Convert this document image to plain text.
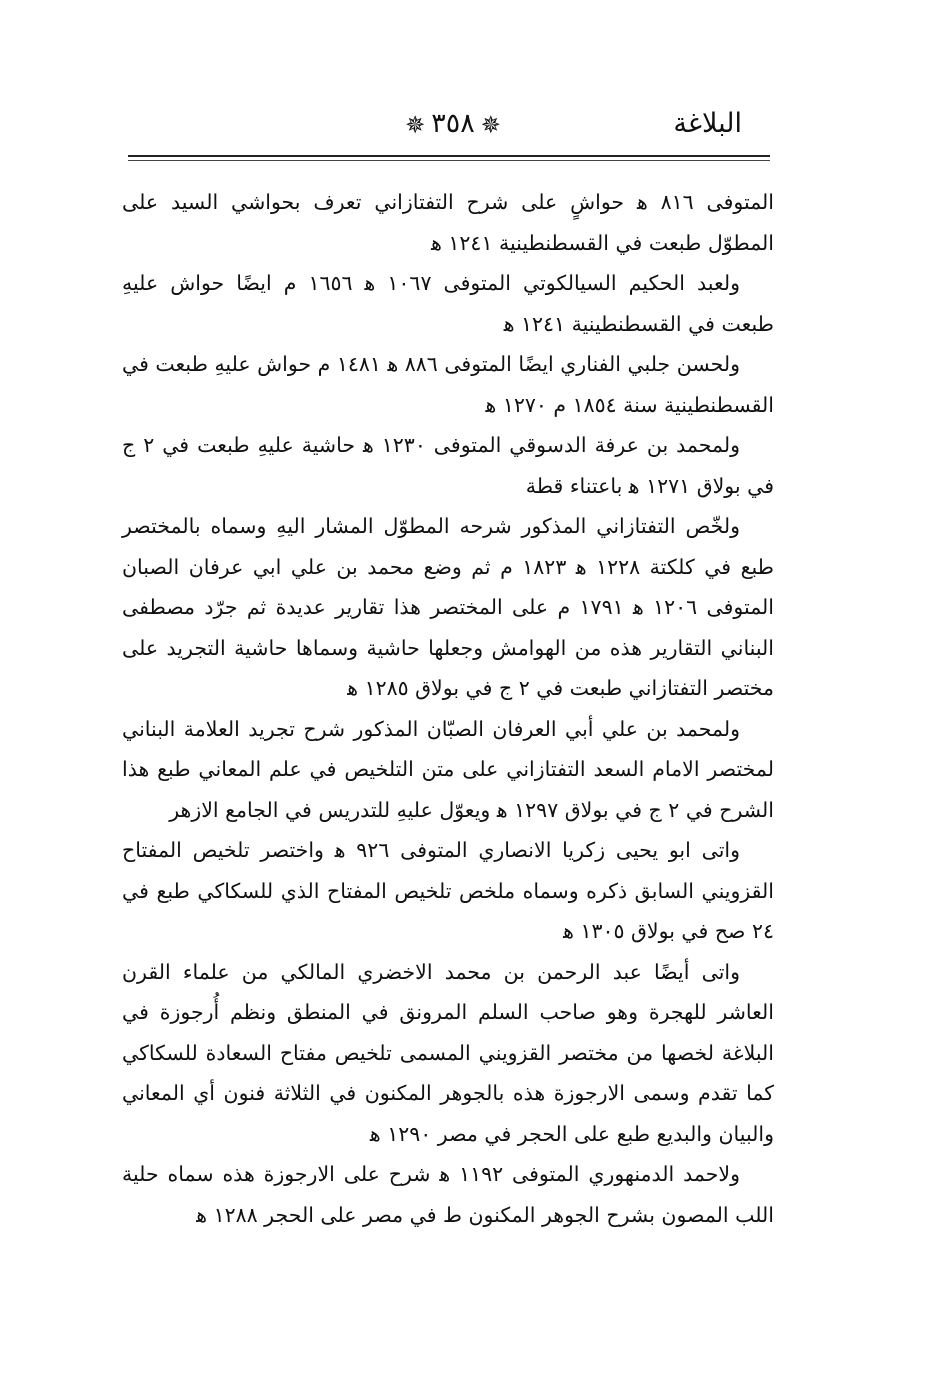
البلاغة
✵٣٥٨✵

المتوفى ٨١٦ ﻫ حواشٍ على شرح التفتازاني تعرف بحواشي السيد على المطوّل طبعت في القسطنطينية ١٢٤١ ﻫ

ولعبد الحكيم السيالكوتي المتوفى ١٠٦٧ ﻫ ١٦٥٦ م ايضًا حواش عليهِ طبعت في القسطنطينية ١٢٤١ ﻫ

ولحسن جلبي الفناري ايضًا المتوفى ٨٨٦ ﻫ ١٤٨١ م حواش عليهِ طبعت في القسطنطينية سنة ١٨٥٤ م ١٢٧٠ ﻫ

ولمحمد بن عرفة الدسوقي المتوفى ١٢٣٠ ﻫ حاشية عليهِ طبعت في ٢ ج في بولاق ١٢٧١ ﻫ باعتناء قطة

ولخّص التفتازاني المذكور شرحه المطوّل المشار اليهِ وسماه بالمختصر طبع في كلكتة ١٢٢٨ ﻫ ١٨٢٣ م ثم وضع محمد بن علي ابي عرفان الصبان المتوفى ١٢٠٦ ﻫ ١٧٩١ م على المختصر هذا تقارير عديدة ثم جرّد مصطفى البناني التقارير هذه من الهوامش وجعلها حاشية وسماها حاشية التجريد على مختصر التفتازاني طبعت في ٢ ج في بولاق ١٢٨٥ ﻫ

ولمحمد بن علي أبي العرفان الصبّان المذكور شرح تجريد العلامة البناني لمختصر الامام السعد التفتازاني على متن التلخيص في علم المعاني طبع هذا الشرح في ٢ ج في بولاق ١٢٩٧ ﻫ ويعوّل عليهِ للتدريس في الجامع الازهر

واتى ابو يحيى زكريا الانصاري المتوفى ٩٢٦ ﻫ واختصر تلخيص المفتاح القزويني السابق ذكره وسماه ملخص تلخيص المفتاح الذي للسكاكي طبع في ٢٤ صح في بولاق ١٣٠٥ ﻫ

واتى أيضًا عبد الرحمن بن محمد الاخضري المالكي من علماء القرن العاشر للهجرة وهو صاحب السلم المرونق في المنطق ونظم أُرجوزة في البلاغة لخصها من مختصر القزويني المسمى تلخيص مفتاح السعادة للسكاكي كما تقدم وسمى الارجوزة هذه بالجوهر المكنون في الثلاثة فنون أي المعاني والبيان والبديع طبع على الحجر في مصر ١٢٩٠ ﻫ

ولاحمد الدمنهوري المتوفى ١١٩٢ ﻫ شرح على الارجوزة هذه سماه حلية اللب المصون بشرح الجوهر المكنون ط في مصر على الحجر ١٢٨٨ ﻫ
